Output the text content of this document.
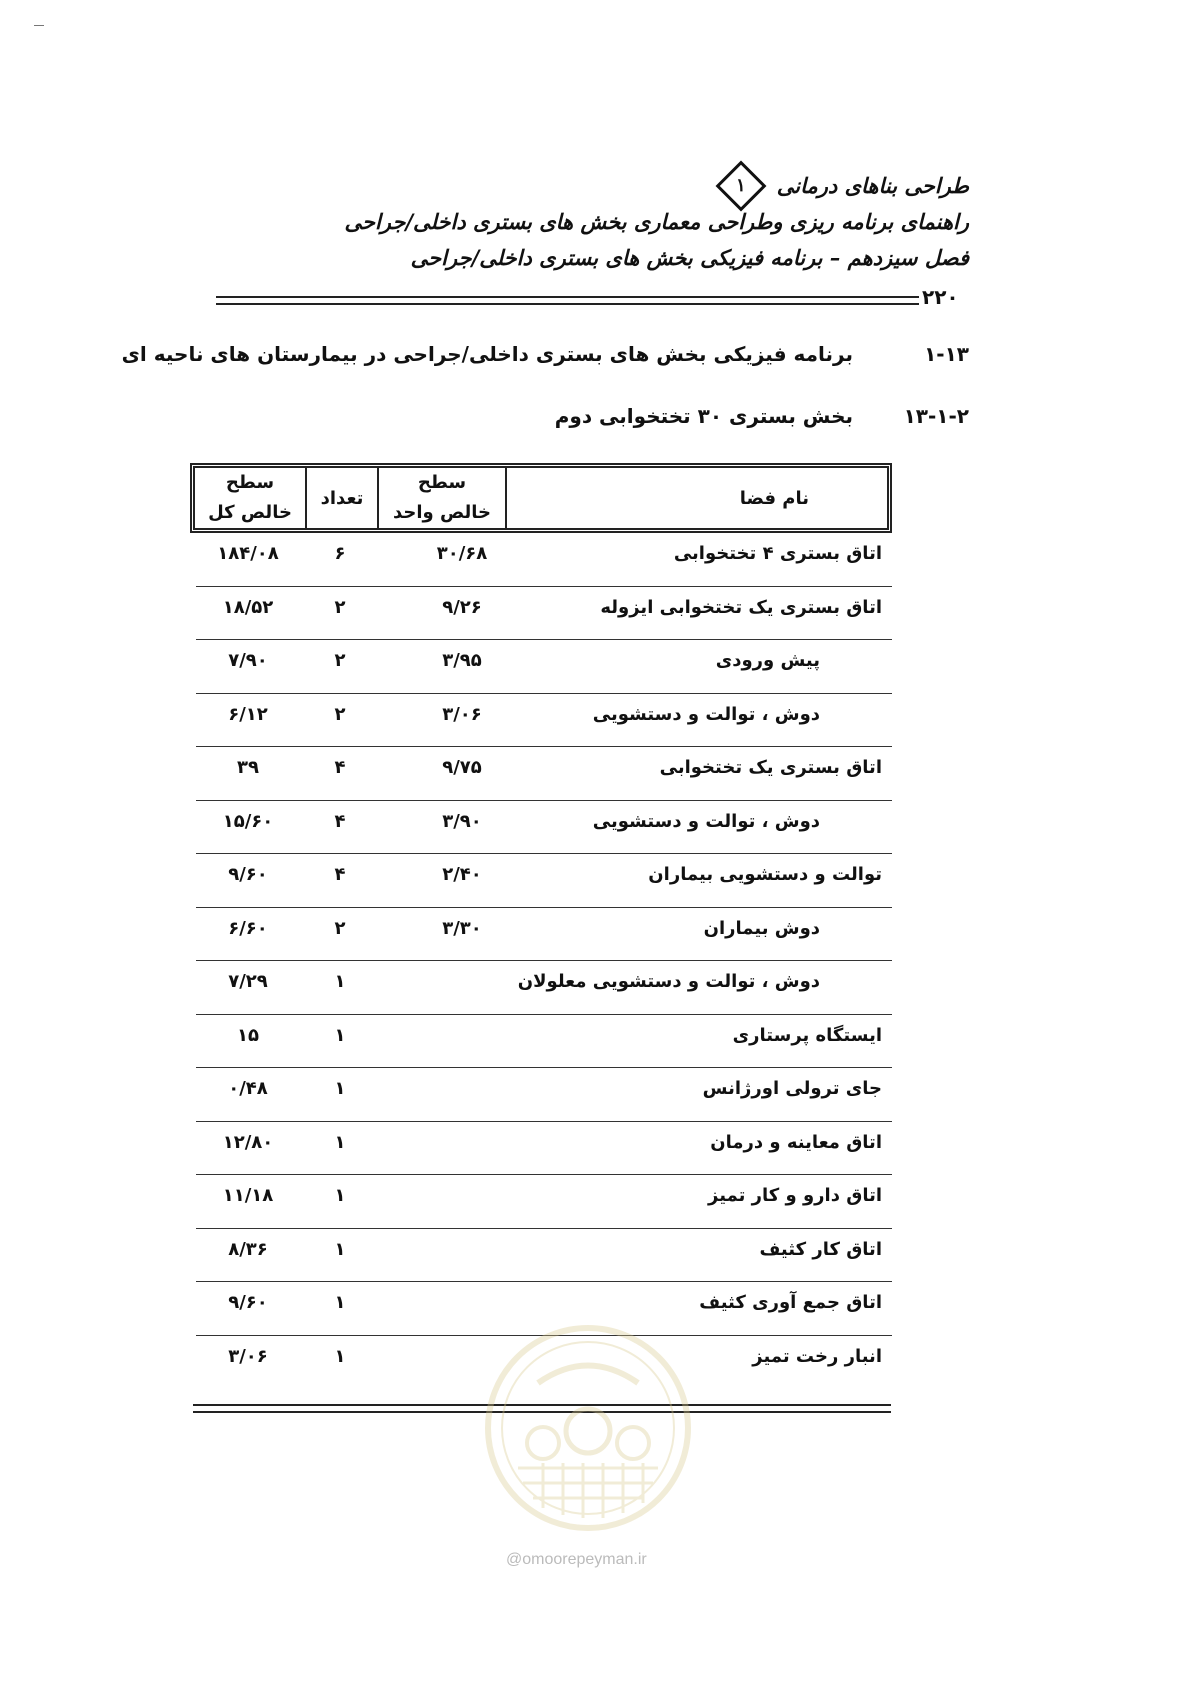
طراحی بناهای درمانی
۱
راهنمای برنامه ریزی وطراحی معماری بخش های بستری داخلی/جراحی
فصل سیزدهم – برنامه فیزیکی بخش های بستری داخلی/جراحی
۲۲۰
۱-۱۳
برنامه فیزیکی بخش های بستری داخلی/جراحی در بیمارستان های ناحیه ای
۱۳-۱-۲
بخش بستری ۳۰ تختخوابی دوم
نام فضا
سطح
خالص واحد
تعداد
سطح
خالص کل
اتاق بستری ۴ تختخوابی
۳۰/۶۸
۶
۱۸۴/۰۸
اتاق بستری یک تختخوابی ایزوله
۹/۲۶
۲
۱۸/۵۲
پیش ورودی
۳/۹۵
۲
۷/۹۰
دوش ، توالت و دستشویی
۳/۰۶
۲
۶/۱۲
اتاق بستری یک تختخوابی
۹/۷۵
۴
۳۹
دوش ، توالت و دستشویی
۳/۹۰
۴
۱۵/۶۰
توالت و دستشویی بیماران
۲/۴۰
۴
۹/۶۰
دوش بیماران
۳/۳۰
۲
۶/۶۰
دوش ، توالت و دستشویی معلولان
۱
۷/۲۹
ایستگاه پرستاری
۱
۱۵
جای ترولی اورژانس
۱
۰/۴۸
اتاق معاینه و درمان
۱
۱۲/۸۰
اتاق دارو و کار تمیز
۱
۱۱/۱۸
اتاق کار کثیف
۱
۸/۳۶
اتاق جمع آوری کثیف
۱
۹/۶۰
انبار رخت تمیز
۱
۳/۰۶
@omoorepeyman.ir
